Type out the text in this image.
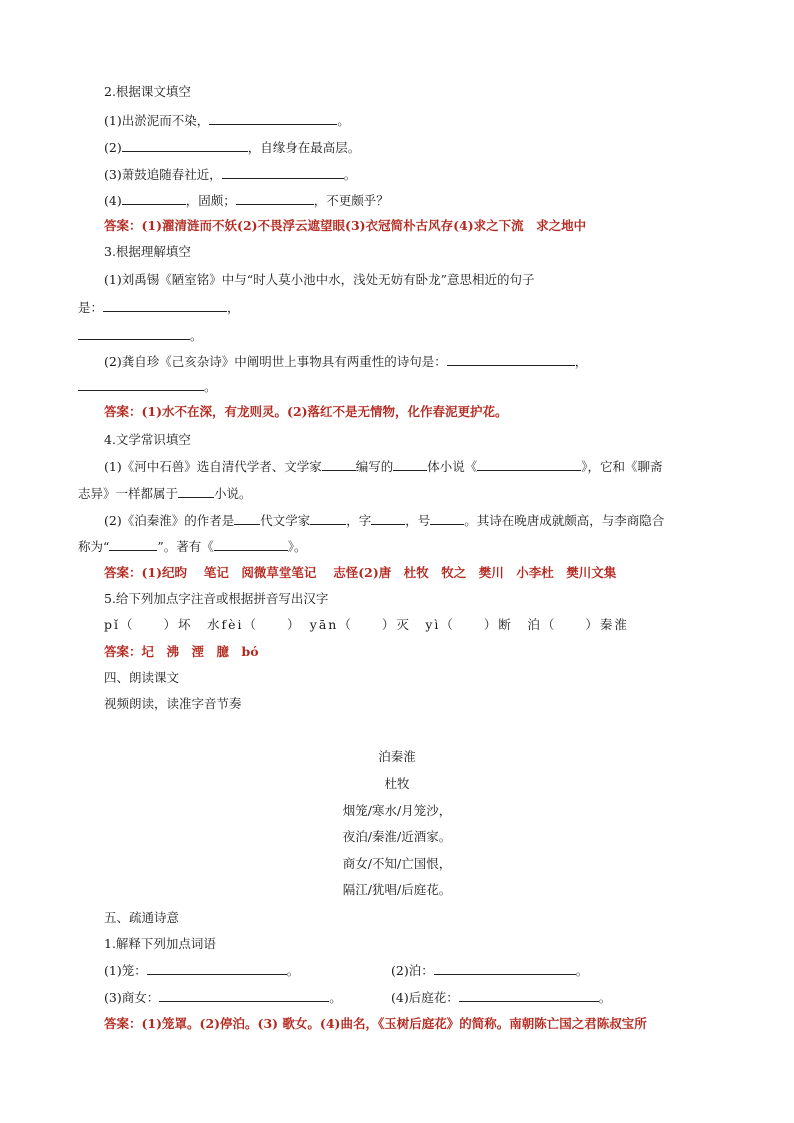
2.根据课文填空
(1)出淤泥而不染，	。
(2)	，自缘身在最高层。
(3)萧鼓追随春社近，	。
(4)	，固颇；	，不更颇乎？
答案：(1)濯清涟而不妖(2)不畏浮云遮望眼(3)衣冠简朴古风存(4)求之下流　求之地中
3.根据理解填空
(1)刘禹锡《陋室铭》中与“时人莫小池中水，浅处无妨有卧龙”意思相近的句子
是：	，
。
(2)龚自珍《己亥杂诗》中阐明世上事物具有两重性的诗句是：	，
。
答案：(1)水不在深，有龙则灵。(2)落红不是无情物，化作春泥更护花。
4.文学常识填空
(1)《河中石兽》选自清代学者、文学家	编写的	体小说《	》，它和《聊斋
志异》一样都属于	小说。
(2)《泊秦淮》的作者是 代文学家	，字	，号	。其诗在晚唐成就颇高，与李商隐合
称为“	”。著有《	》。
答案：(1)纪昀　 笔记　阅微草堂笔记　 志怪(2)唐　杜牧　牧之　樊川　小李杜　樊川文集
5.给下列加点字注音或根据拼音写出汉字
pǐ（　　）坏　水fèi（　　）　yān（　　）灭　yì（　　）断　泊（　　）秦淮
答案：圮　沸　湮　臆　bó
四、朗读课文
视频朗读，读准字音节奏
泊秦淮
杜牧
烟笼/寒水/月笼沙，
夜泊/秦淮/近酒家。
商女/不知/亡国恨，
隔江/犹唱/后庭花。
五、疏通诗意
1.解释下列加点词语
(1)笼：	。	(2)泊：	。
(3)商女：	。	(4)后庭花：	。
答案：(1)笼罩。(2)停泊。(3) 歌女。(4)曲名，《玉树后庭花》的简称。南朝陈亡国之君陈叔宝所
